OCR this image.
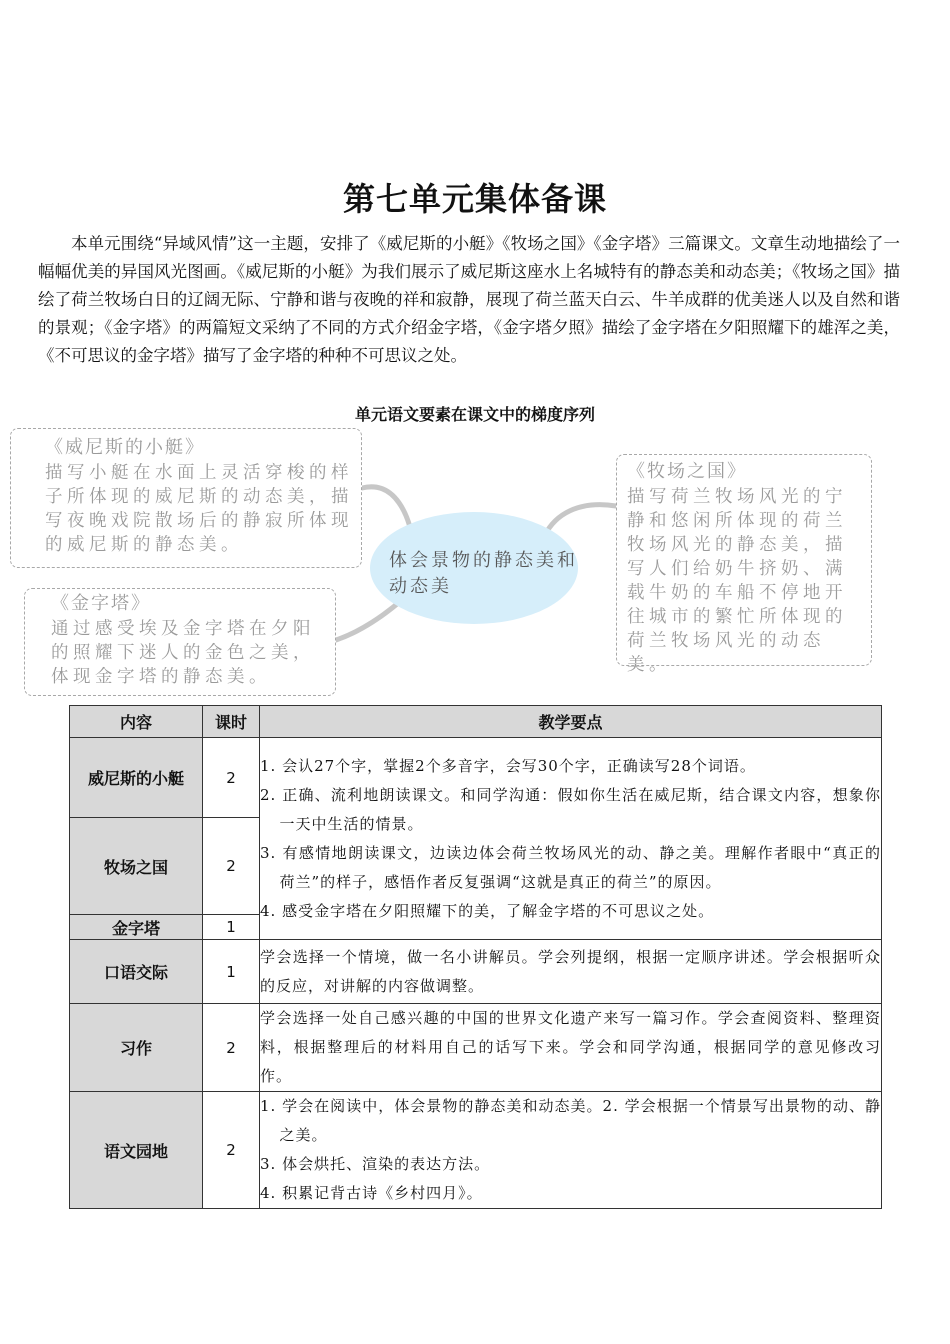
第七单元集体备课

本单元围绕“异域风情”这一主题，安排了《威尼斯的小艇》《牧场之国》《金字塔》三篇课文。文章生动地描绘了一幅幅优美的异国风光图画。《威尼斯的小艇》为我们展示了威尼斯这座水上名城特有的静态美和动态美；《牧场之国》描绘了荷兰牧场白日的辽阔无际、宁静和谐与夜晚的祥和寂静，展现了荷兰蓝天白云、牛羊成群的优美迷人以及自然和谐的景观；《金字塔》的两篇短文采纳了不同的方式介绍金字塔，《金字塔夕照》描绘了金字塔在夕阳照耀下的雄浑之美，《不可思议的金字塔》描写了金字塔的种种不可思议之处。

单元语文要素在课文中的梯度序列
体会景物的静态美和动态美
《威尼斯的小艇》
描写小艇在水面上灵活穿梭的样子所体现的威尼斯的动态美，描写夜晚戏院散场后的静寂所体现的威尼斯的静态美。
《牧场之国》
描写荷兰牧场风光的宁静和悠闲所体现的荷兰牧场风光的静态美，描写人们给奶牛挤奶、满载牛奶的车船不停地开往城市的繁忙所体现的荷兰牧场风光的动态美。
《金字塔》
通过感受埃及金字塔在夕阳的照耀下迷人的金色之美，体现金字塔的静态美。
内容	课时	教学要点
威尼斯的小艇	2	1. 会认27个字，掌握2个多音字，会写30个字，正确读写28个词语。
2. 正确、流利地朗读课文。和同学沟通：假如你生活在威尼斯，结合课文内容，想象你一天中生活的情景。
3. 有感情地朗读课文，边读边体会荷兰牧场风光的动、静之美。理解作者眼中“真正的荷兰”的样子，感悟作者反复强调“这就是真正的荷兰”的原因。
4. 感受金字塔在夕阳照耀下的美，了解金字塔的不可思议之处。

牧场之国	2	
金字塔	1	
口语交际	1	学会选择一个情境，做一名小讲解员。学会列提纲，根据一定顺序讲述。学会根据听众的反应，对讲解的内容做调整。
习作	2	学会选择一处自己感兴趣的中国的世界文化遗产来写一篇习作。学会查阅资料、整理资料，根据整理后的材料用自己的话写下来。学会和同学沟通，根据同学的意见修改习作。
语文园地	2	1. 学会在阅读中，体会景物的静态美和动态美。2. 学会根据一个情景写出景物的动、静之美。
3. 体会烘托、渲染的表达方法。
4. 积累记背古诗《乡村四月》。
